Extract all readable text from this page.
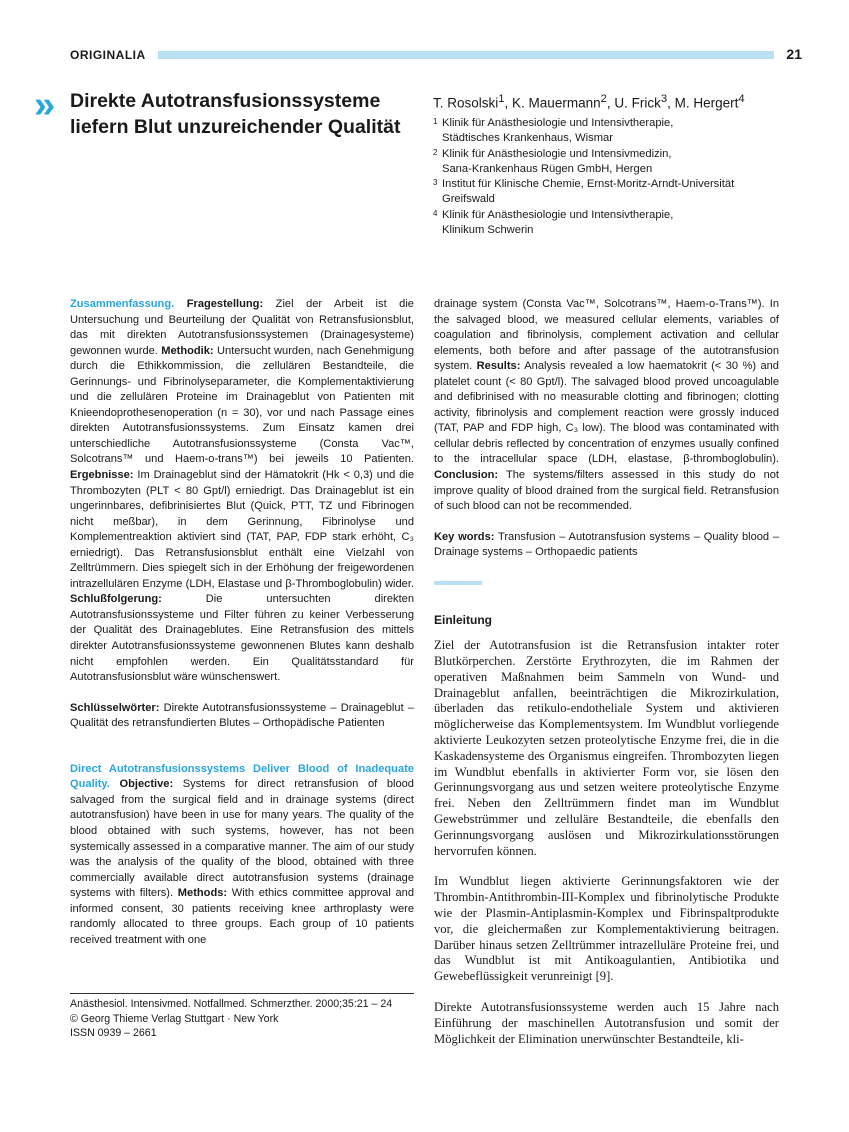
ORIGINALIA	21
» Direkte Autotransfusionssysteme
liefern Blut unzureichender Qualität
T. Rosolski$^1$, K. Mauermann$^2$, U. Frick$^3$, M. Hergert$^4$
1 Klinik für Anästhesiologie und Intensivtherapie,
Städtisches Krankenhaus, Wismar
2 Klinik für Anästhesiologie und Intensivmedizin,
Sana-Krankenhaus Rügen GmbH, Hergen
3 Institut für Klinische Chemie, Ernst-Moritz-Arndt-Universität
Greifswald
4 Klinik für Anästhesiologie und Intensivtherapie,
Klinikum Schwerin

Zusammenfassung. Fragestellung: Ziel der Arbeit ist die Untersuchung und Beurteilung der Qualität von Retransfusionsblut, das mit direkten Autotransfusionssystemen (Drainagesysteme) gewonnen wurde. Methodik: Untersucht wurden, nach Genehmigung durch die Ethikkommission, die zellulären Bestandteile, die Gerinnungs- und Fibrinolyseparameter, die Komplementaktivierung und die zellulären Proteine im Drainageblut von Patienten mit Knieendoprothesenoperation (n = 30), vor und nach Passage eines direkten Autotransfusionssystems. Zum Einsatz kamen drei unterschiedliche Autotransfusionssysteme (Consta Vac™, Solcotrans™ und Haem-o-trans™) bei jeweils 10 Patienten. Ergebnisse: Im Drainageblut sind der Hämatokrit (Hk < 0,3) und die Thrombozyten (PLT < 80 Gpt/l) erniedrigt. Das Drainageblut ist ein ungerinnbares, defibrinisiertes Blut (Quick, PTT, TZ und Fibrinogen nicht meßbar), in dem Gerinnung, Fibrinolyse und Komplementreaktion aktiviert sind (TAT, PAP, FDP stark erhöht, C₃ erniedrigt). Das Retransfusionsblut enthält eine Vielzahl von Zelltrümmern. Dies spiegelt sich in der Erhöhung der freigewordenen intrazellulären Enzyme (LDH, Elastase und β-Thromboglobulin) wider. Schlußfolgerung: Die untersuchten direkten Autotransfusionssysteme und Filter führen zu keiner Verbesserung der Qualität des Drainageblutes. Eine Retransfusion des mittels direkter Autotransfusionssysteme gewonnenen Blutes kann deshalb nicht empfohlen werden. Ein Qualitätsstandard für Autotransfusionsblut wäre wünschenswert.

Schlüsselwörter: Direkte Autotransfusionssysteme – Drainageblut – Qualität des retransfundierten Blutes – Orthopädische Patienten

Direct Autotransfusionssystems Deliver Blood of Inadequate Quality. Objective: Systems for direct retransfusion of blood salvaged from the surgical field and in drainage systems (direct autotransfusion) have been in use for many years. The quality of the blood obtained with such systems, however, has not been systemically assessed in a comparative manner. The aim of our study was the analysis of the quality of the blood, obtained with three commercially available direct autotransfusion systems (drainage systems with filters). Methods: With ethics committee approval and informed consent, 30 patients receiving knee arthroplasty were randomly allocated to three groups. Each group of 10 patients received treatment with one

drainage system (Consta Vac™, Solcotrans™, Haem-o-Trans™). In the salvaged blood, we measured cellular elements, variables of coagulation and fibrinolysis, complement activation and cellular elements, both before and after passage of the autotransfusion system. Results: Analysis revealed a low haematokrit (< 30 %) and platelet count (< 80 Gpt/l). The salvaged blood proved uncoagulable and defibrinised with no measurable clotting and fibrinogen; clotting activity, fibrinolysis and complement reaction were grossly induced (TAT, PAP and FDP high, C₃ low). The blood was contaminated with cellular debris reflected by concentration of enzymes usually confined to the intracellular space (LDH, elastase, β-thromboglobulin). Conclusion: The systems/filters assessed in this study do not improve quality of blood drained from the surgical field. Retransfusion of such blood can not be recommended.

Key words: Transfusion – Autotransfusion systems – Quality blood – Drainage systems – Orthopaedic patients

Einleitung

Ziel der Autotransfusion ist die Retransfusion intakter roter Blutkörperchen. Zerstörte Erythrozyten, die im Rahmen der operativen Maßnahmen beim Sammeln von Wund- und Drainageblut anfallen, beeinträchtigen die Mikrozirkulation, überladen das retikulo-endotheliale System und aktivieren möglicherweise das Komplementsystem. Im Wundblut vorliegende aktivierte Leukozyten setzen proteolytische Enzyme frei, die in die Kaskadensysteme des Organismus eingreifen. Thrombozyten liegen im Wundblut ebenfalls in aktivierter Form vor, sie lösen den Gerinnungsvorgang aus und setzen weitere proteolytische Enzyme frei. Neben den Zelltrümmern findet man im Wundblut Gewebstrümmer und zelluläre Bestandteile, die ebenfalls den Gerinnungsvorgang auslösen und Mikrozirkulationsstörungen hervorrufen können.

Im Wundblut liegen aktivierte Gerinnungsfaktoren wie der Thrombin-Antithrombin-III-Komplex und fibrinolytische Produkte wie der Plasmin-Antiplasmin-Komplex und Fibrinspaltprodukte vor, die gleichermaßen zur Komplementaktivierung beitragen. Darüber hinaus setzen Zelltrümmer intrazelluläre Proteine frei, und das Wundblut ist mit Antikoagulantien, Antibiotika und Gewebeflüssigkeit verunreinigt [9].

Direkte Autotransfusionssysteme werden auch 15 Jahre nach Einführung der maschinellen Autotransfusion und somit der Möglichkeit der Elimination unerwünschter Bestandteile, kli-

Anästhesiol. Intensivmed. Notfallmed. Schmerzther. 2000;35:21 – 24
© Georg Thieme Verlag Stuttgart · New York
ISSN 0939 – 2661
